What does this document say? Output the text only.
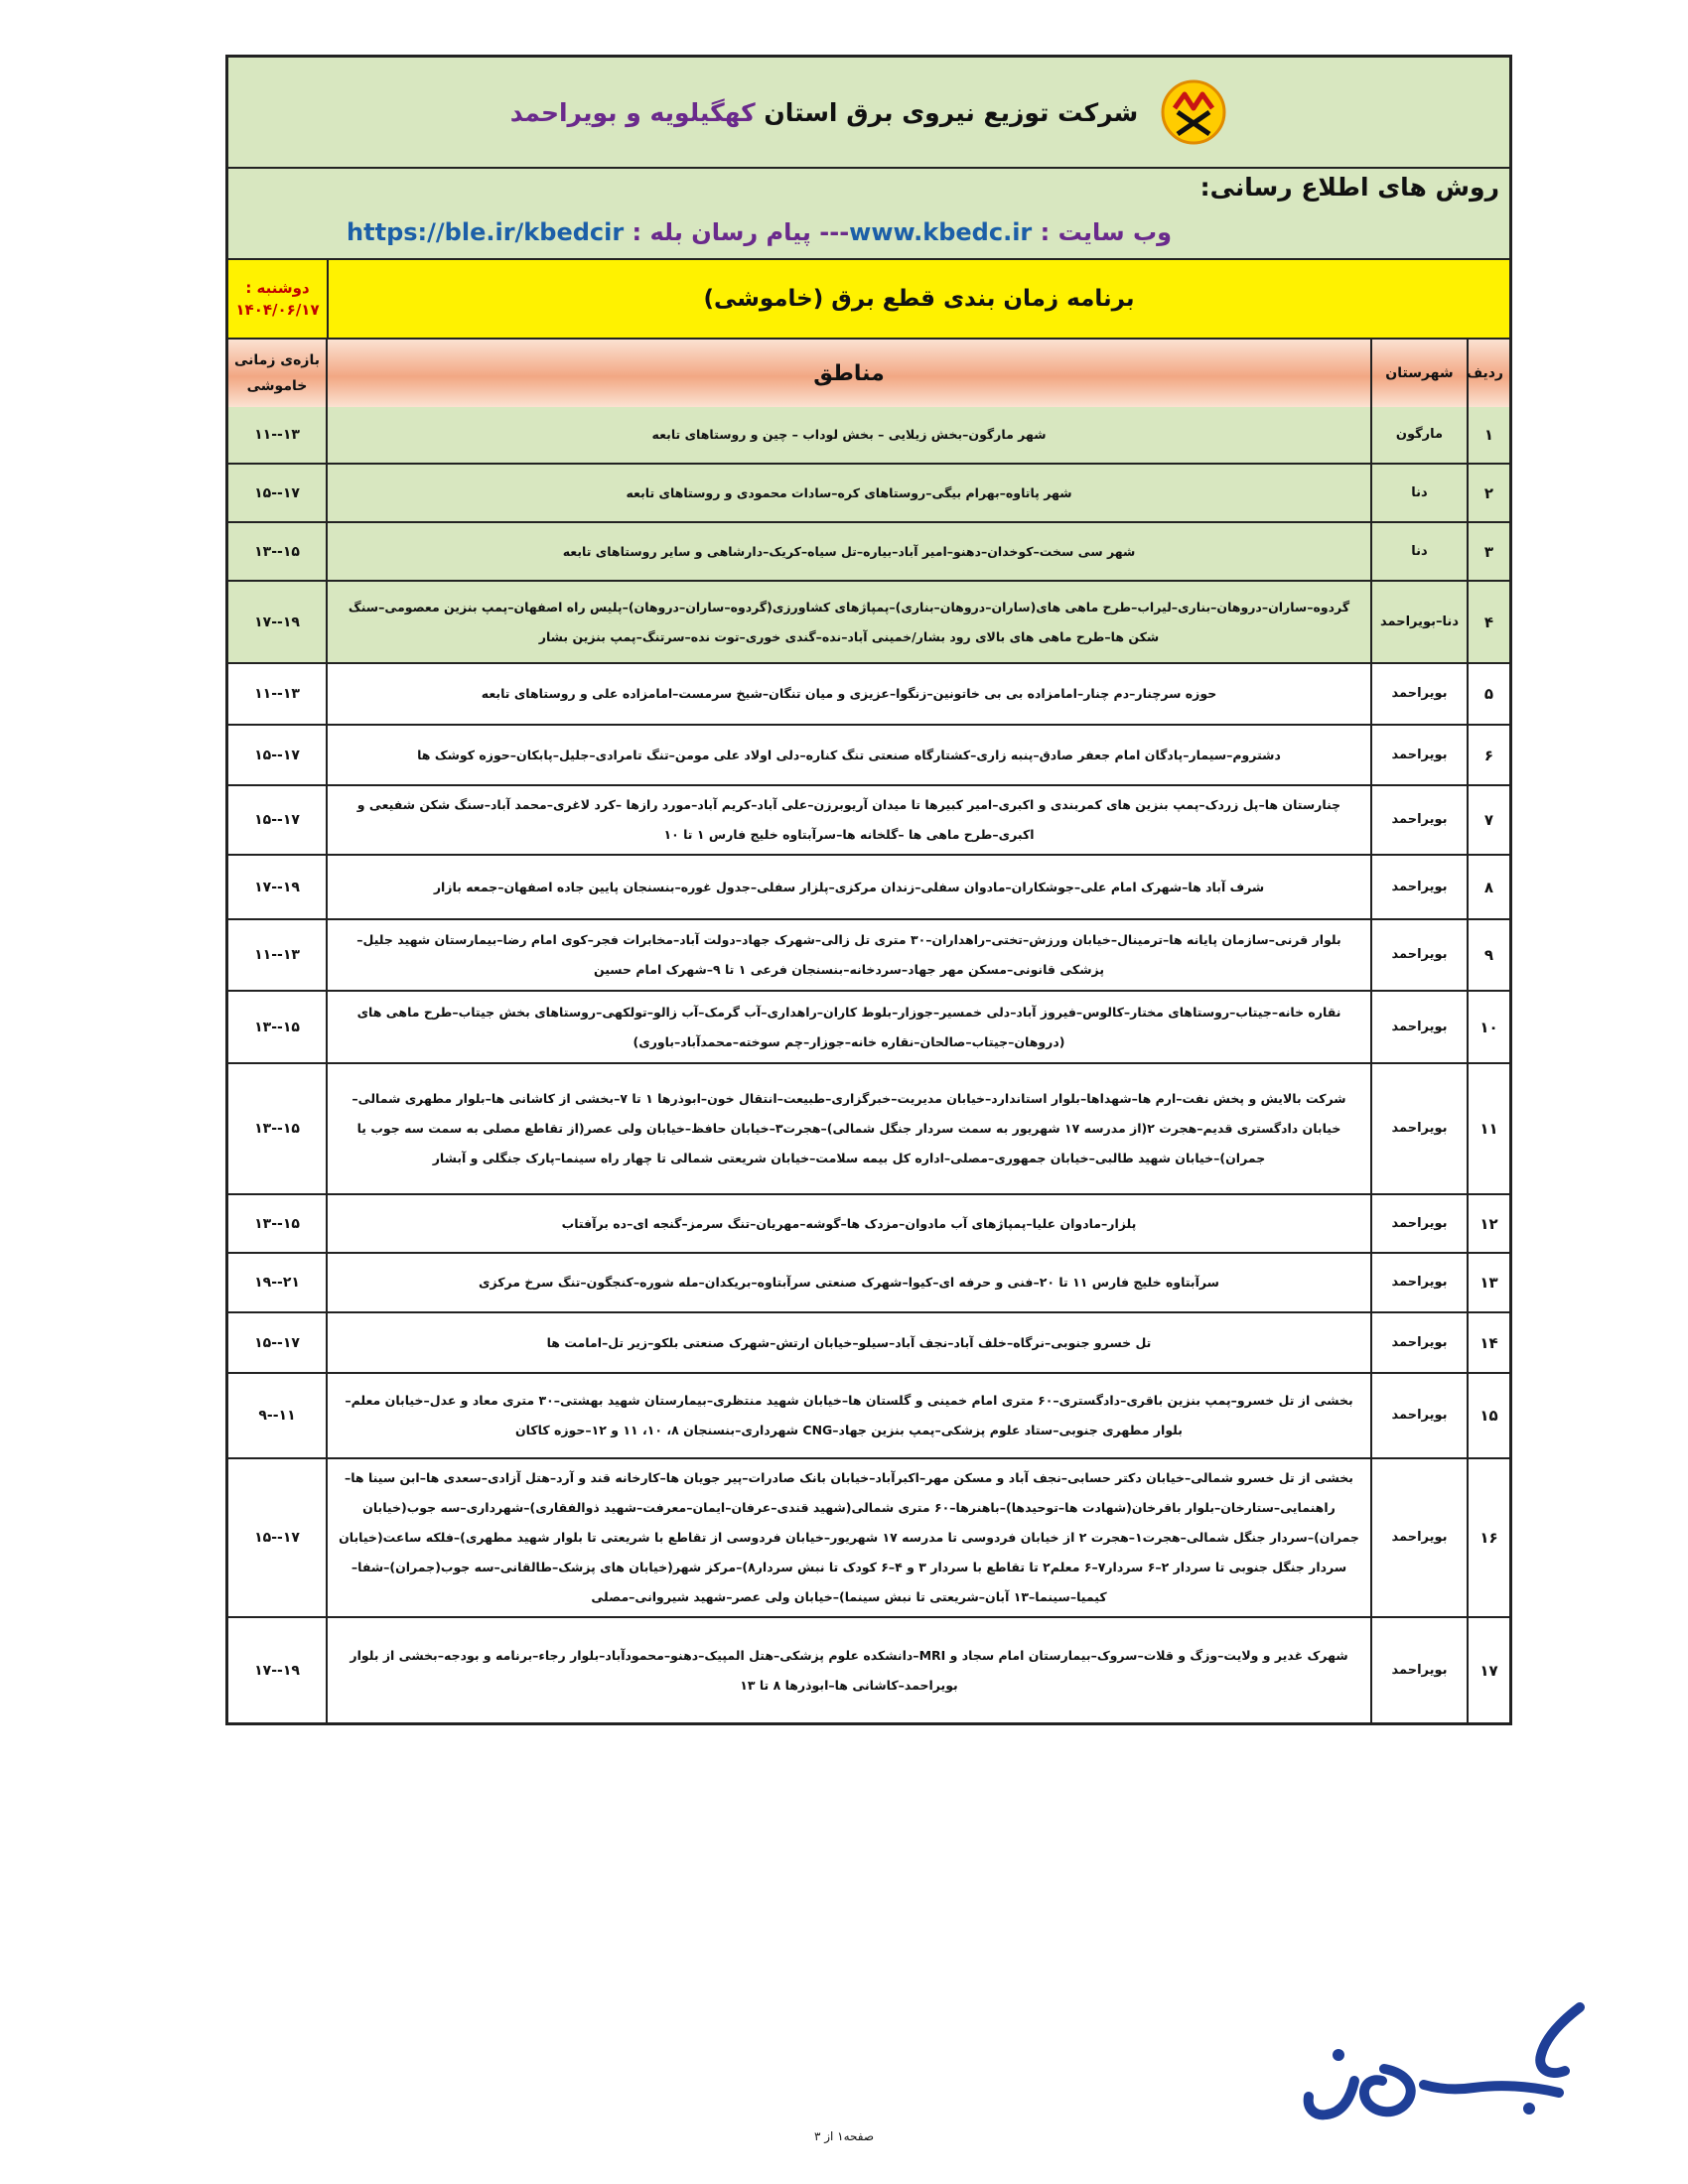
شرکت توزیع نیروی برق استان کهگیلویه و بویراحمد
روش های اطلاع رسانی:
وب سایت : www.kbedc.ir--- پیام رسان بله : https://ble.ir/kbedcir
دوشنبه :
۱۴۰۴/۰۶/۱۷	برنامه زمان بندی قطع برق (خاموشی)
ردیف	شهرستان	مناطق	بازه‌ی زمانی
خاموشی
۱	مارگون	شهر مارگون–بخش زیلایی – بخش لوداب – چین و روستاهای تابعه	۱۳--۱۱
۲	دنا	شهر پاتاوه–بهرام بیگی–روستاهای کره–سادات محمودی و روستاهای تابعه	۱۷--۱۵
۳	دنا	شهر سی سخت–کوخدان–دهنو–امیر آباد–بیاره–تل سیاه–کریک–دارشاهی و سایر روستاهای تابعه	۱۵--۱۳
۴	دنا–بویراحمد	گردوه–ساران–دروهان–بناری–لیراب–طرح ماهی های(ساران–دروهان–بناری)–پمپاژهای کشاورزی(گردوه–ساران–دروهان)–پلیس راه اصفهان–پمپ بنزین معصومی–سنگ شکن ها–طرح ماهی های بالای رود بشار/خمینی آباد–نده–گندی خوری–توت نده–سرتنگ–پمپ بنزین بشار	۱۹--۱۷
۵	بویراحمد	حوزه سرچنار–دم چنار–امامزاده بی بی خاتونین–زنگوا–عزیزی و میان تنگان–شیخ سرمست–امامزاده علی و روستاهای تابعه	۱۳--۱۱
۶	بویراحمد	دشتروم–سیمار–پادگان امام جعفر صادق–پنبه زاری–کشتارگاه صنعتی تنگ کناره–دلی اولاد علی مومن–تنگ تامرادی–جلیل–پابکان–حوزه کوشک ها	۱۷--۱۵
۷	بویراحمد	چنارستان ها–پل زردک–پمپ بنزین های کمربندی و اکبری–امیر کبیرها تا میدان آریوبرزن–علی آباد–کریم آباد–مورد رازها –کرد لاغری–محمد آباد–سنگ شکن شفیعی و اکبری–طرح ماهی ها –گلخانه ها–سرآبتاوه خلیج فارس ۱ تا ۱۰	۱۷--۱۵
۸	بویراحمد	شرف آباد ها–شهرک امام علی–جوشکاران–مادوان سفلی–زندان مرکزی–پلزار سفلی–جدول غوره–بنسنجان پایین جاده اصفهان–جمعه بازار	۱۹--۱۷
۹	بویراحمد	بلوار قرنی–سازمان پایانه ها–ترمینال–خیابان ورزش–تختی–راهداران–۳۰ متری تل زالی–شهرک جهاد–دولت آباد–مخابرات فجر–کوی امام رضا–بیمارستان شهید جلیل–پزشکی قانونی–مسکن مهر جهاد–سردخانه–بنسنجان فرعی ۱ تا ۹–شهرک امام حسین	۱۳--۱۱
۱۰	بویراحمد	نقاره خانه–جیتاب–روستاهای مختار–کالوس–فیروز آباد–دلی خمسیر–جوزار–بلوط کاران–راهداری–آب گرمک–آب زالو–تولکهی–روستاهای بخش جیتاب–طرح ماهی های (دروهان–جیتاب–صالحان–نقاره خانه–جوزار–چم سوخته–محمدآباد–باوری)	۱۵--۱۳
۱۱	بویراحمد	شرکت بالایش و پخش نفت–ارم ها–شهداها–بلوار استاندارد–خیابان مدیریت–خبرگزاری–طبیعت–انتقال خون–ابوذرها ۱ تا ۷–بخشی از کاشانی ها–بلوار مطهری شمالی–خیابان دادگستری قدیم–هجرت ۲(از مدرسه ۱۷ شهریور به سمت سردار جنگل شمالی)–هجرت۳–خیابان حافظ–خیابان ولی عصر(از تقاطع مصلی به سمت سه جوب یا جمران)–خیابان شهید طالبی–خیابان جمهوری–مصلی–اداره کل بیمه سلامت–خیابان شریعتی شمالی تا چهار راه سینما–پارک جنگلی و آبشار	۱۵--۱۳
۱۲	بویراحمد	پلزار–مادوان علیا–پمپاژهای آب مادوان–مزدک ها–گوشه–مهریان–تنگ سرمز–گنجه ای–ده برآفتاب	۱۵--۱۳
۱۳	بویراحمد	سرآبتاوه خلیج فارس ۱۱ تا ۲۰–فنی و حرفه ای–کیوا–شهرک صنعتی سرآبتاوه–بریکدان–مله شوره–کنجگون–تنگ سرخ مرکزی	۲۱--۱۹
۱۴	بویراحمد	تل خسرو جنوبی–نرگاه–خلف آباد–نجف آباد–سیلو–خیابان ارتش–شهرک صنعتی بلکو–زیر تل–امامت ها	۱۷--۱۵
۱۵	بویراحمد	بخشی از تل خسرو–پمپ بنزین باقری–دادگستری–۶۰ متری امام خمینی و گلستان ها–خیابان شهید منتظری–بیمارستان شهید بهشتی–۳۰ متری معاد و عدل–خیابان معلم–بلوار مطهری جنوبی–ستاد علوم پزشکی–پمپ بنزین جهاد–CNG شهرداری–بنسنجان ۸، ۱۰، ۱۱ و ۱۲–حوزه کاکان	۱۱--۹
۱۶	بویراحمد	بخشی از تل خسرو شمالی–خیابان دکتر حسابی–نجف آباد و مسکن مهر–اکبرآباد–خیابان بانک صادرات–پیر جویان ها–کارخانه قند و آرد–هتل آزادی–سعدی ها–ابن سینا ها–راهنمایی–ستارخان–بلوار باقرخان(شهادت ها–توحیدها)–باهنرها–۶۰ متری شمالی(شهید قندی–عرفان–ایمان–معرفت–شهید ذوالفقاری)–شهرداری–سه جوب(خیابان جمران)–سردار جنگل شمالی–هجرت۱–هجرت ۲ از خیابان فردوسی تا مدرسه ۱۷ شهریور–خیابان فردوسی از تقاطع با شریعتی تا بلوار شهید مطهری)–فلکه ساعت(خیابان سردار جنگل جنوبی تا سردار ۲–۶ سردار۷–۶ معلم۲ تا تقاطع با سردار ۳ و ۴–۶ کودک تا نبش سردار۸)–مرکز شهر(خیابان های پزشک–طالقانی–سه جوب(جمران)–شفا–کیمیا–سینما–۱۳ آبان–شریعتی تا نبش سینما)–خیابان ولی عصر–شهید شیروانی–مصلی	۱۷--۱۵
۱۷	بویراحمد	شهرک غدیر و ولایت–وزگ و قلات–سروک–بیمارستان امام سجاد و MRI–دانشکده علوم پزشکی–هتل المپیک–دهنو–محمودآباد–بلوار رجاء–برنامه و بودجه–بخشی از بلوار بویراحمد–کاشانی ها–ابوذرها ۸ تا ۱۳	۱۹--۱۷
صفحه۱ از ۳
